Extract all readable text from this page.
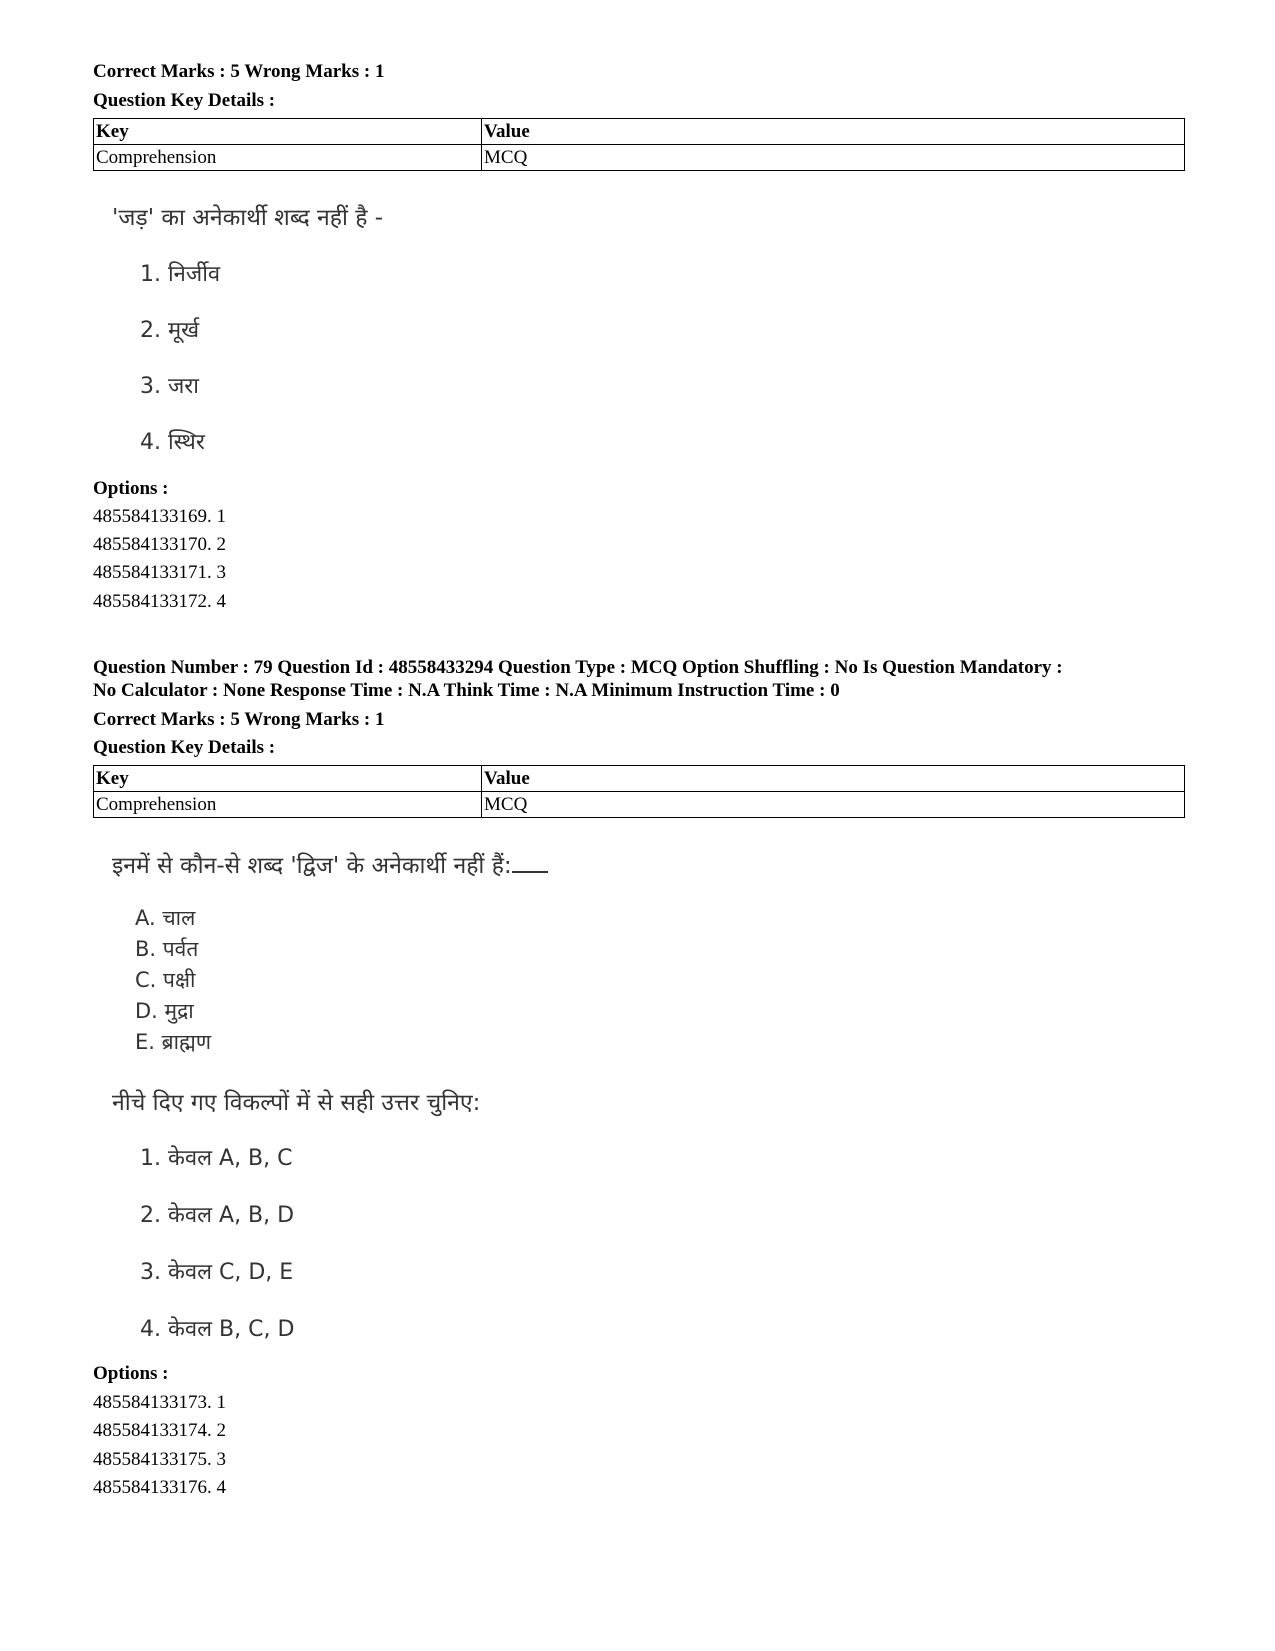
Correct Marks : 5 Wrong Marks : 1
Question Key Details :
Key	Value
Comprehension	MCQ
'जड़' का अनेकार्थी शब्द नहीं है -
1. निर्जीव
2. मूर्ख
3. जरा
4. स्थिर
Options :
485584133169. 1
485584133170. 2
485584133171. 3
485584133172. 4
Question Number : 79 Question Id : 48558433294 Question Type : MCQ Option Shuffling : No Is Question Mandatory :
No Calculator : None Response Time : N.A Think Time : N.A Minimum Instruction Time : 0
Correct Marks : 5 Wrong Marks : 1
Question Key Details :
Key	Value
Comprehension	MCQ
इनमें से कौन-से शब्द 'द्विज' के अनेकार्थी नहीं हैं:
A. चाल
B. पर्वत
C. पक्षी
D. मुद्रा
E. ब्राह्मण
नीचे दिए गए विकल्पों में से सही उत्तर चुनिए:
1. केवल A, B, C
2. केवल A, B, D
3. केवल C, D, E
4. केवल B, C, D
Options :
485584133173. 1
485584133174. 2
485584133175. 3
485584133176. 4
